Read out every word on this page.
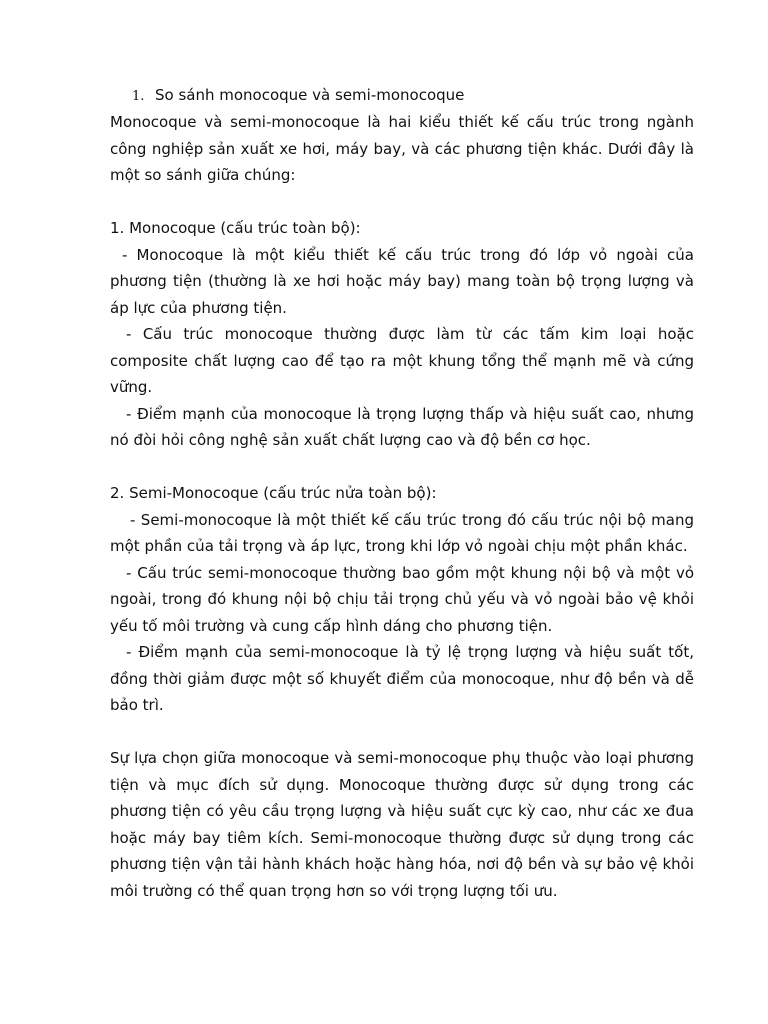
1. So sánh monocoque và semi-monocoque

Monocoque và semi-monocoque là hai kiểu thiết kế cấu trúc trong ngành công nghiệp sản xuất xe hơi, máy bay, và các phương tiện khác. Dưới đây là một so sánh giữa chúng:

1. Monocoque (cấu trúc toàn bộ):

- Monocoque là một kiểu thiết kế cấu trúc trong đó lớp vỏ ngoài của phương tiện (thường là xe hơi hoặc máy bay) mang toàn bộ trọng lượng và áp lực của phương tiện.

- Cấu trúc monocoque thường được làm từ các tấm kim loại hoặc composite chất lượng cao để tạo ra một khung tổng thể mạnh mẽ và cứng vững.

- Điểm mạnh của monocoque là trọng lượng thấp và hiệu suất cao, nhưng nó đòi hỏi công nghệ sản xuất chất lượng cao và độ bền cơ học.

2. Semi-Monocoque (cấu trúc nửa toàn bộ):

- Semi-monocoque là một thiết kế cấu trúc trong đó cấu trúc nội bộ mang một phần của tải trọng và áp lực, trong khi lớp vỏ ngoài chịu một phần khác.

- Cấu trúc semi-monocoque thường bao gồm một khung nội bộ và một vỏ ngoài, trong đó khung nội bộ chịu tải trọng chủ yếu và vỏ ngoài bảo vệ khỏi yếu tố môi trường và cung cấp hình dáng cho phương tiện.

- Điểm mạnh của semi-monocoque là tỷ lệ trọng lượng và hiệu suất tốt, đồng thời giảm được một số khuyết điểm của monocoque, như độ bền và dễ bảo trì.

Sự lựa chọn giữa monocoque và semi-monocoque phụ thuộc vào loại phương tiện và mục đích sử dụng. Monocoque thường được sử dụng trong các phương tiện có yêu cầu trọng lượng và hiệu suất cực kỳ cao, như các xe đua hoặc máy bay tiêm kích. Semi-monocoque thường được sử dụng trong các phương tiện vận tải hành khách hoặc hàng hóa, nơi độ bền và sự bảo vệ khỏi môi trường có thể quan trọng hơn so với trọng lượng tối ưu.
